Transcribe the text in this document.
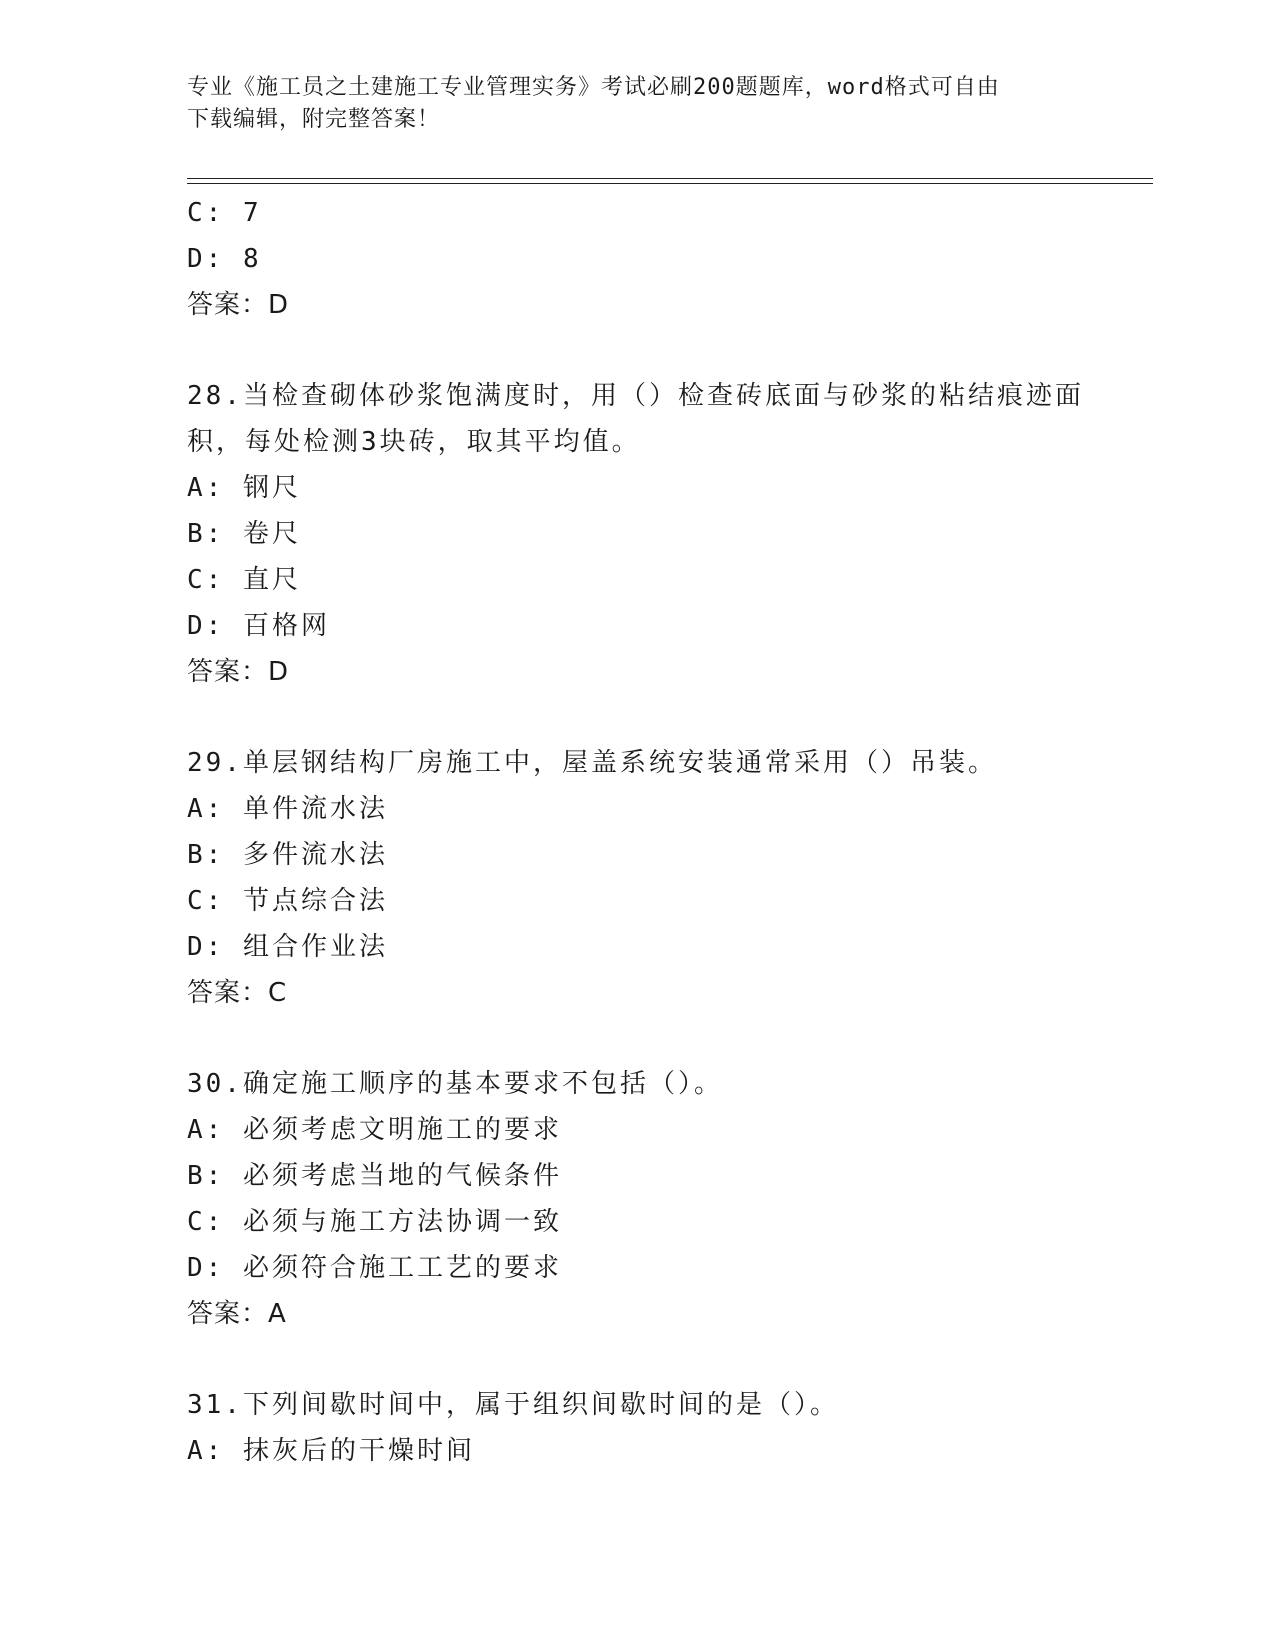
专业《施工员之土建施工专业管理实务》考试必刷200题题库，word格式可自由
下载编辑，附完整答案！
C: 7
D: 8
答案：D
28.当检查砌体砂浆饱满度时，用（）检查砖底面与砂浆的粘结痕迹面
积，每处检测3块砖，取其平均值。
A: 钢尺
B: 卷尺
C: 直尺
D: 百格网
答案：D
29.单层钢结构厂房施工中，屋盖系统安装通常采用（）吊装。
A: 单件流水法
B: 多件流水法
C: 节点综合法
D: 组合作业法
答案：C
30.确定施工顺序的基本要求不包括（）。
A: 必须考虑文明施工的要求
B: 必须考虑当地的气候条件
C: 必须与施工方法协调一致
D: 必须符合施工工艺的要求
答案：A
31.下列间歇时间中，属于组织间歇时间的是（）。
A: 抹灰后的干燥时间
